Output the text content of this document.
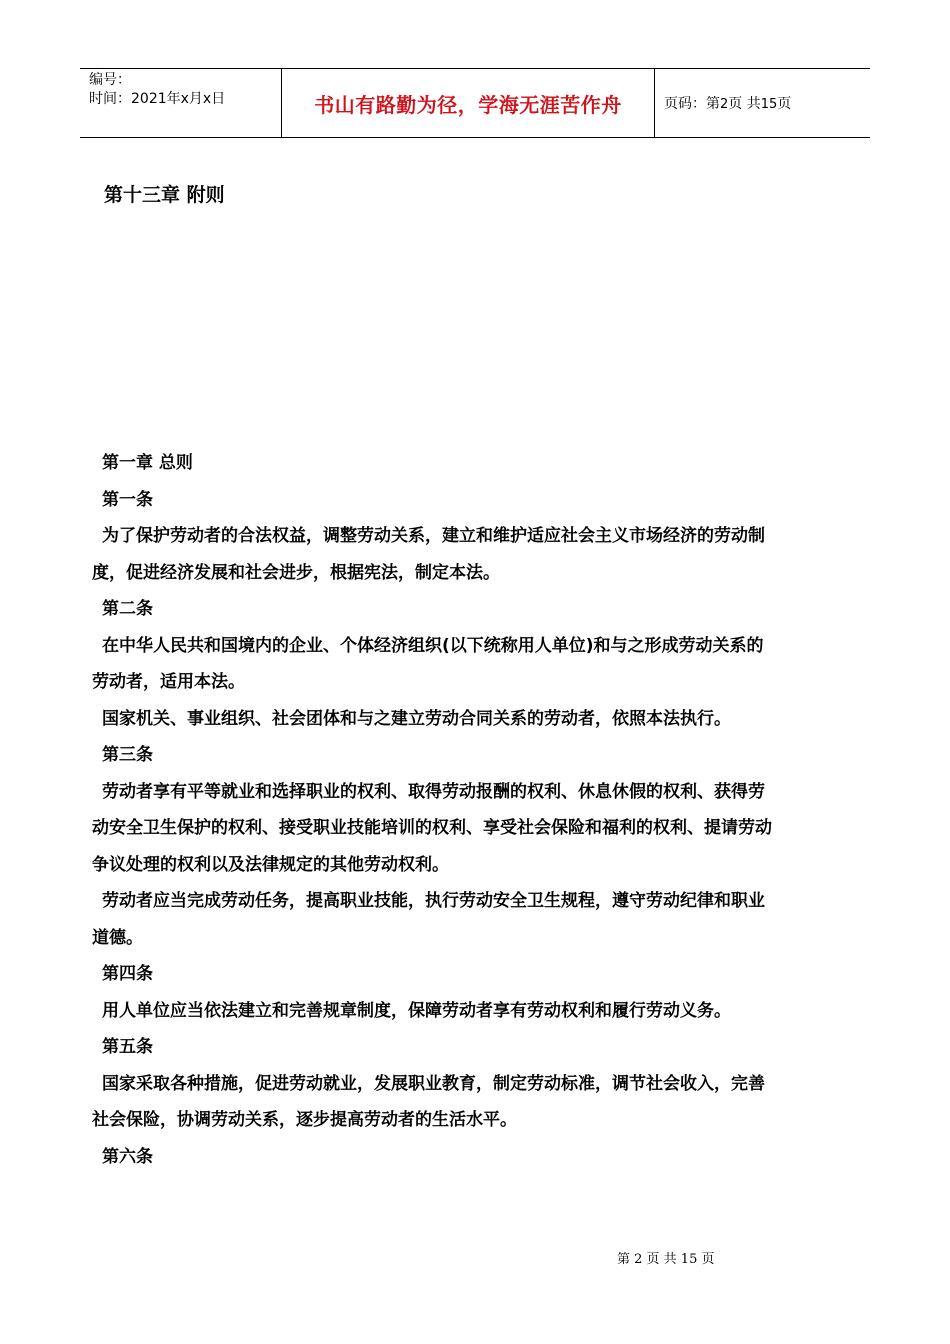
编号：
时间：2021年x月x日	书山有路勤为径，学海无涯苦作舟	页码：第2页 共15页
第十三章 附则
第一章 总则
第一条
为了保护劳动者的合法权益，调整劳动关系，建立和维护适应社会主义市场经济的劳动制
度，促进经济发展和社会进步，根据宪法，制定本法。
第二条
在中华人民共和国境内的企业、个体经济组织(以下统称用人单位)和与之形成劳动关系的
劳动者，适用本法。
国家机关、事业组织、社会团体和与之建立劳动合同关系的劳动者，依照本法执行。
第三条
劳动者享有平等就业和选择职业的权利、取得劳动报酬的权利、休息休假的权利、获得劳
动安全卫生保护的权利、接受职业技能培训的权利、享受社会保险和福利的权利、提请劳动
争议处理的权利以及法律规定的其他劳动权利。
劳动者应当完成劳动任务，提高职业技能，执行劳动安全卫生规程，遵守劳动纪律和职业
道德。
第四条
用人单位应当依法建立和完善规章制度，保障劳动者享有劳动权利和履行劳动义务。
第五条
国家采取各种措施，促进劳动就业，发展职业教育，制定劳动标准，调节社会收入，完善
社会保险，协调劳动关系，逐步提高劳动者的生活水平。
第六条
第 2 页 共 15 页
